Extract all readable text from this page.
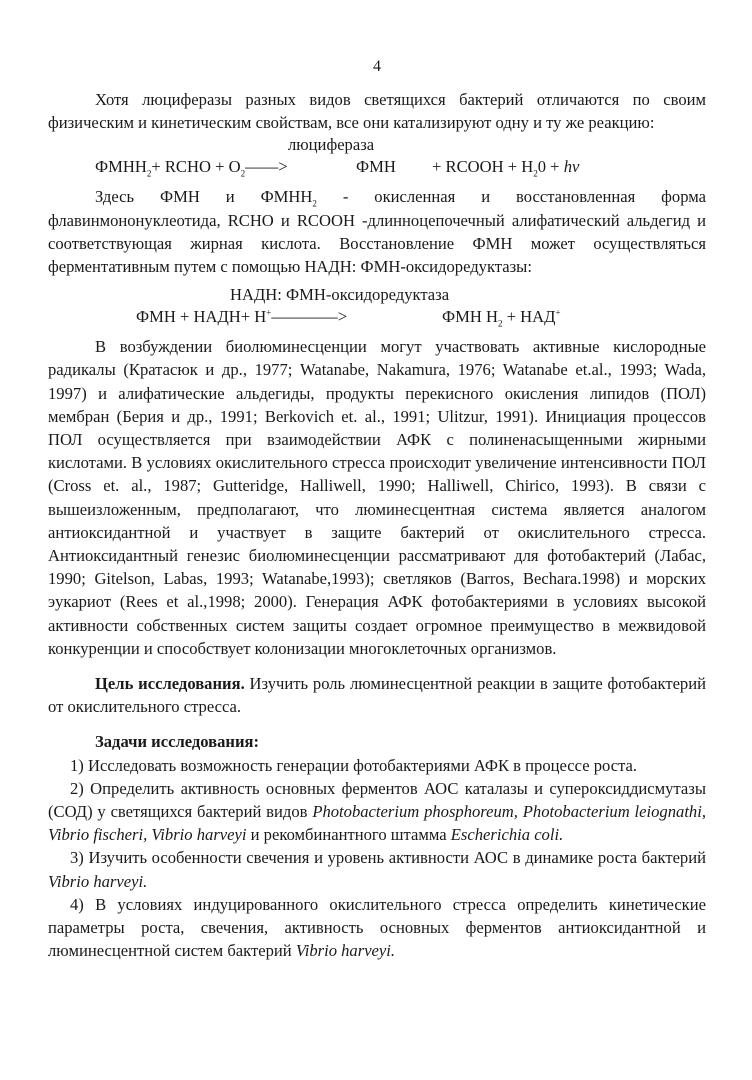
4

Хотя люциферазы разных видов светящихся бактерий отличаются по своим физическим и кинетическим свойствам, все они катализируют одну и ту же реакцию:

люцифераза
$ФМНН_2+$ RCHO + $O_2——>$	ФМН + RCOOH + $H_20$ + hv

Здесь ФМН и $ФМНН_2$ - окисленная и восстановленная форма флавинмононуклеотида, RCHO и RCOOH -длинноцепочечный алифатический альдегид и соответствующая жирная кислота. Восстановление ФМН может осуществляться ферментативным путем с помощью НАДН: ФМН-оксидоредуктазы:

НАДН: ФМН-оксидоредуктаза
ФМН + НАДН+ Н+————>	ФМН $Н_2 + НАД^+$

В возбуждении биолюминесценции могут участвовать активные кислородные радикалы (Кратасюк и др., 1977; Watanabe, Nakamura, 1976; Watanabe et.al., 1993; Wada, 1997) и алифатические альдегиды, продукты перекисного окисления липидов (ПОЛ) мембран (Берия и др., 1991; Berkovich et. al., 1991; Ulitzur, 1991). Инициация процессов ПОЛ осуществляется при взаимодействии АФК с полиненасыщенными жирными кислотами. В условиях окислительного стресса происходит увеличение интенсивности ПОЛ (Cross et. al., 1987; Gutteridge, Halliwell, 1990; Halliwell, Chirico, 1993). В связи с вышеизложенным, предполагают, что люминесцентная система является аналогом антиоксидантной и участвует в защите бактерий от окислительного стресса. Антиоксидантный генезис биолюминесценции рассматривают для фотобактерий (Лабас, 1990; Gitelson, Labas, 1993; Watanabe,1993); светляков (Barros, Bechara.1998) и морских эукариот (Rees et al.,1998; 2000). Генерация АФК фотобактериями в условиях высокой активности собственных систем защиты создает огромное преимущество в межвидовой конкуренции и способствует колонизации многоклеточных организмов.

Цель исследования. Изучить роль люминесцентной реакции в защите фотобактерий от окислительного стресса.

Задачи исследования:

1) Исследовать возможность генерации фотобактериями АФК в процессе роста.

2) Определить активность основных ферментов АОС каталазы и супероксиддисмутазы (СОД) у светящихся бактерий видов Photobacterium phosphoreum, Photobacterium leiognathi, Vibrio fischeri, Vibrio harveyi и рекомбинантного штамма Escherichia coli.

3) Изучить особенности свечения и уровень активности АОС в динамике роста бактерий Vibrio harveyi.

4) В условиях индуцированного окислительного стресса определить кинетические параметры роста, свечения, активность основных ферментов антиоксидантной и люминесцентной систем бактерий Vibrio harveyi.
